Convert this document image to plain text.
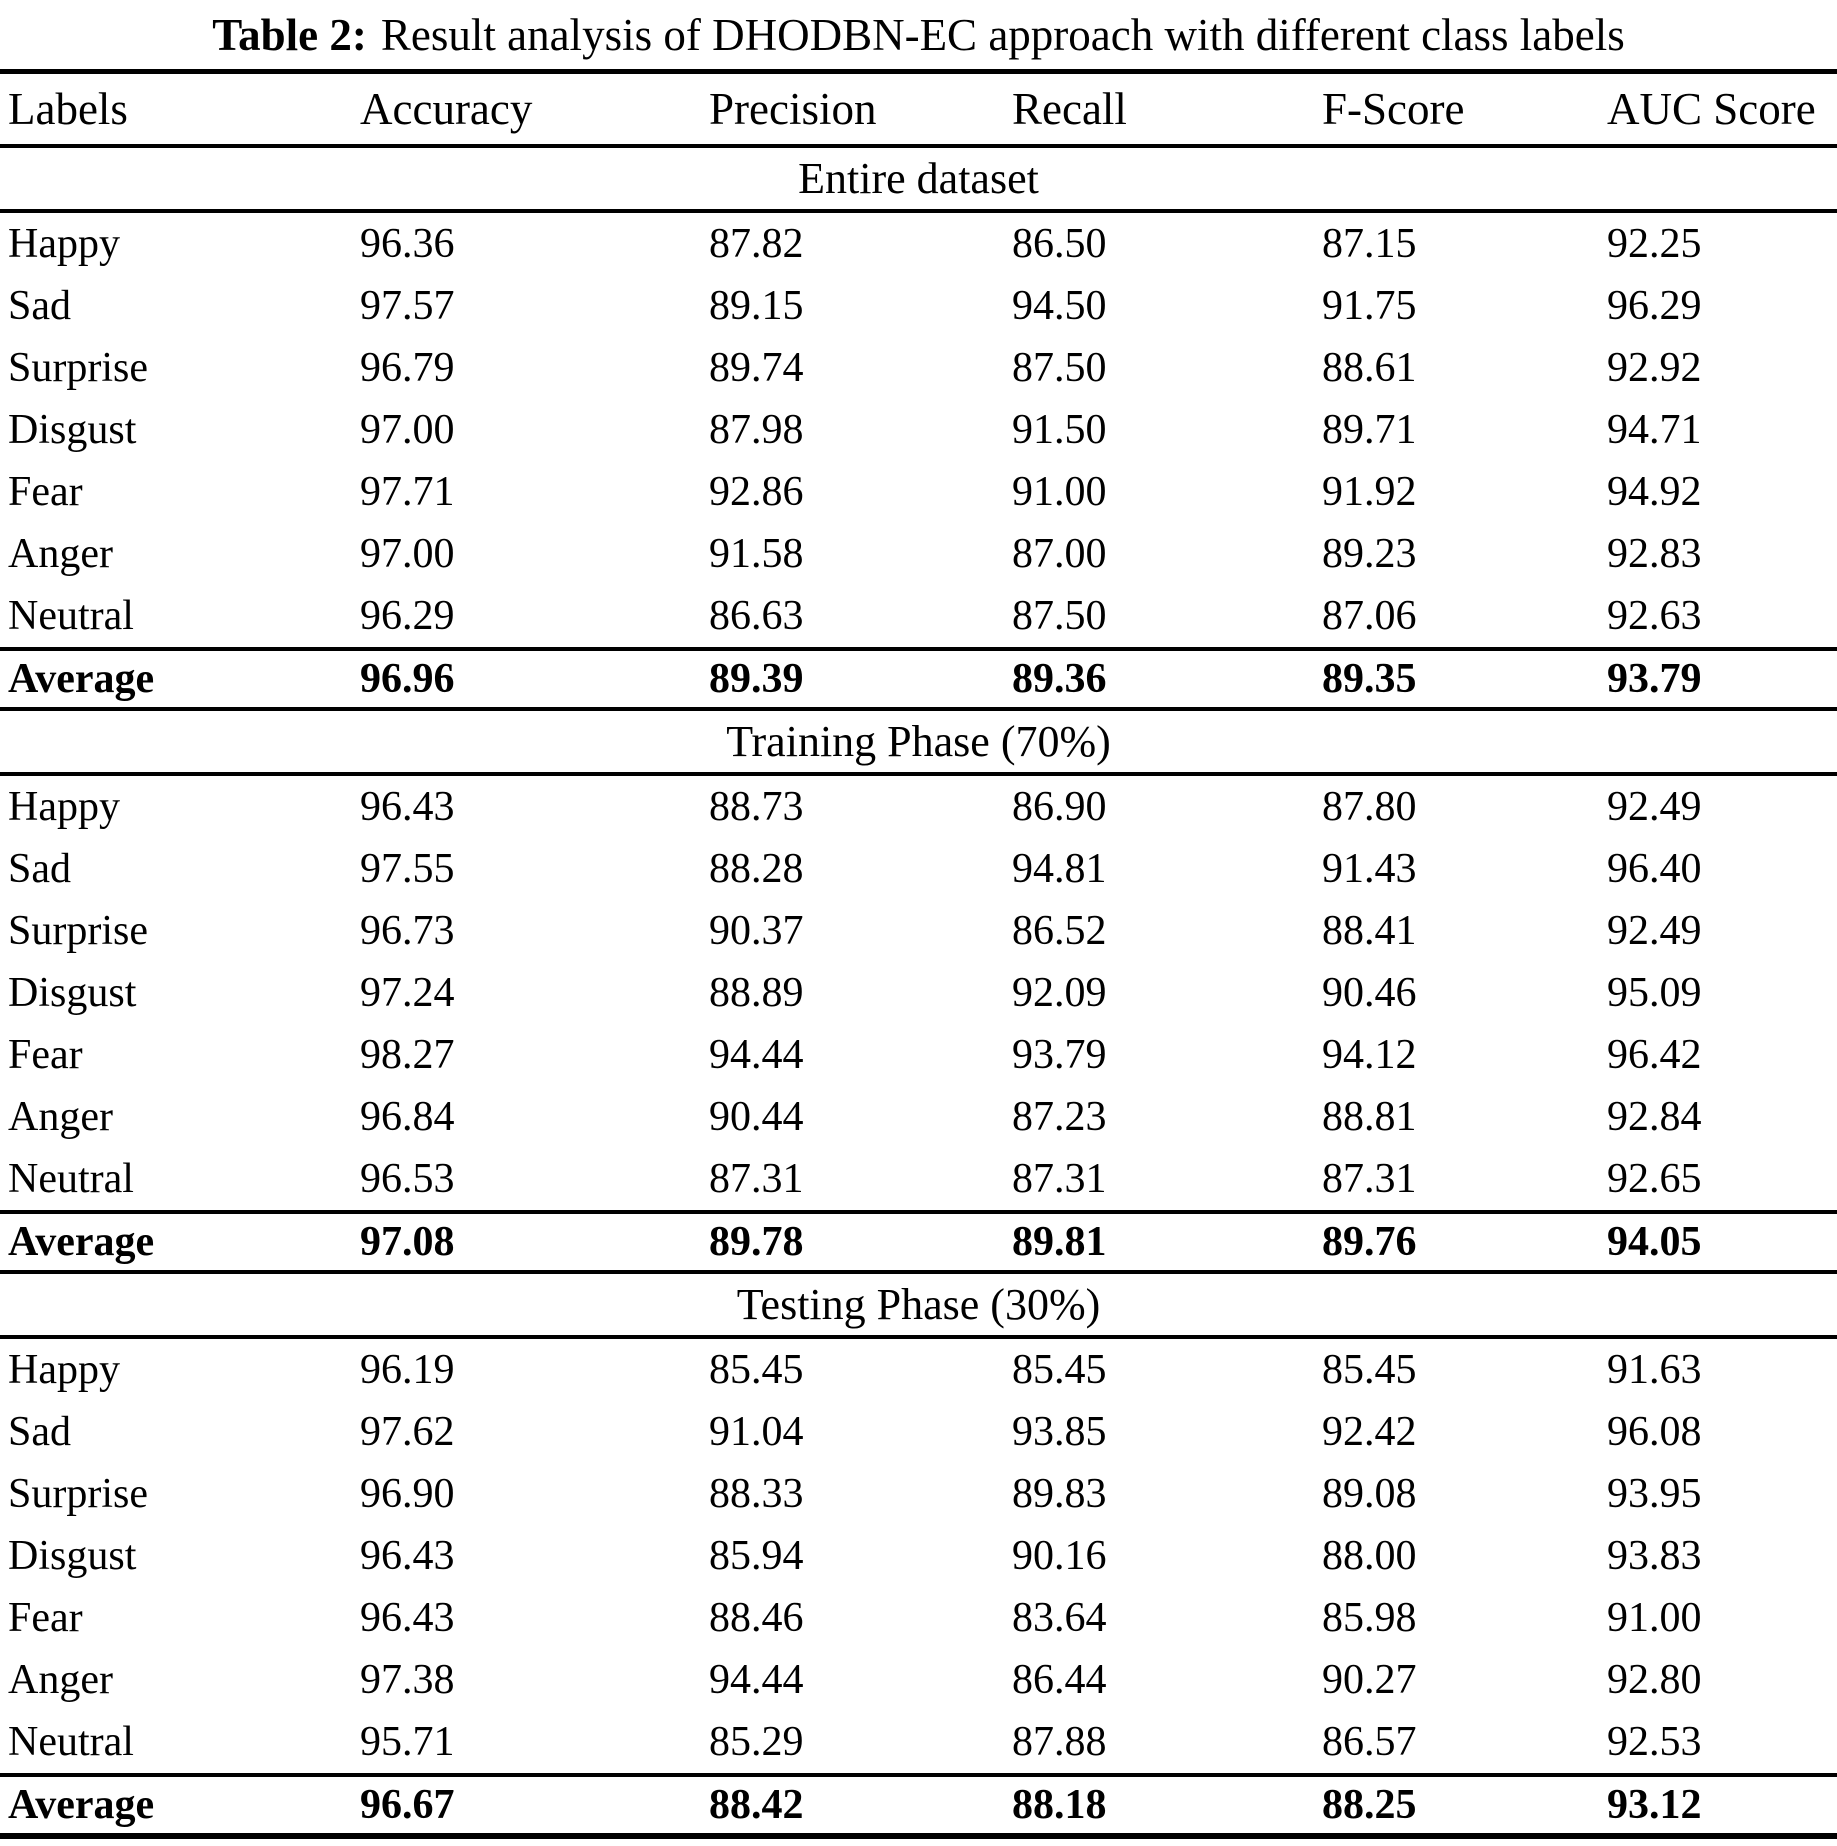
Table 2: Result analysis of DHODBN-EC approach with different class labels
Labels	Accuracy	Precision	Recall	F-Score	AUC Score
Entire dataset
Happy	96.36	87.82	86.50	87.15	92.25
Sad	97.57	89.15	94.50	91.75	96.29
Surprise	96.79	89.74	87.50	88.61	92.92
Disgust	97.00	87.98	91.50	89.71	94.71
Fear	97.71	92.86	91.00	91.92	94.92
Anger	97.00	91.58	87.00	89.23	92.83
Neutral	96.29	86.63	87.50	87.06	92.63
Average	96.96	89.39	89.36	89.35	93.79
Training Phase (70%)
Happy	96.43	88.73	86.90	87.80	92.49
Sad	97.55	88.28	94.81	91.43	96.40
Surprise	96.73	90.37	86.52	88.41	92.49
Disgust	97.24	88.89	92.09	90.46	95.09
Fear	98.27	94.44	93.79	94.12	96.42
Anger	96.84	90.44	87.23	88.81	92.84
Neutral	96.53	87.31	87.31	87.31	92.65
Average	97.08	89.78	89.81	89.76	94.05
Testing Phase (30%)
Happy	96.19	85.45	85.45	85.45	91.63
Sad	97.62	91.04	93.85	92.42	96.08
Surprise	96.90	88.33	89.83	89.08	93.95
Disgust	96.43	85.94	90.16	88.00	93.83
Fear	96.43	88.46	83.64	85.98	91.00
Anger	97.38	94.44	86.44	90.27	92.80
Neutral	95.71	85.29	87.88	86.57	92.53
Average	96.67	88.42	88.18	88.25	93.12
